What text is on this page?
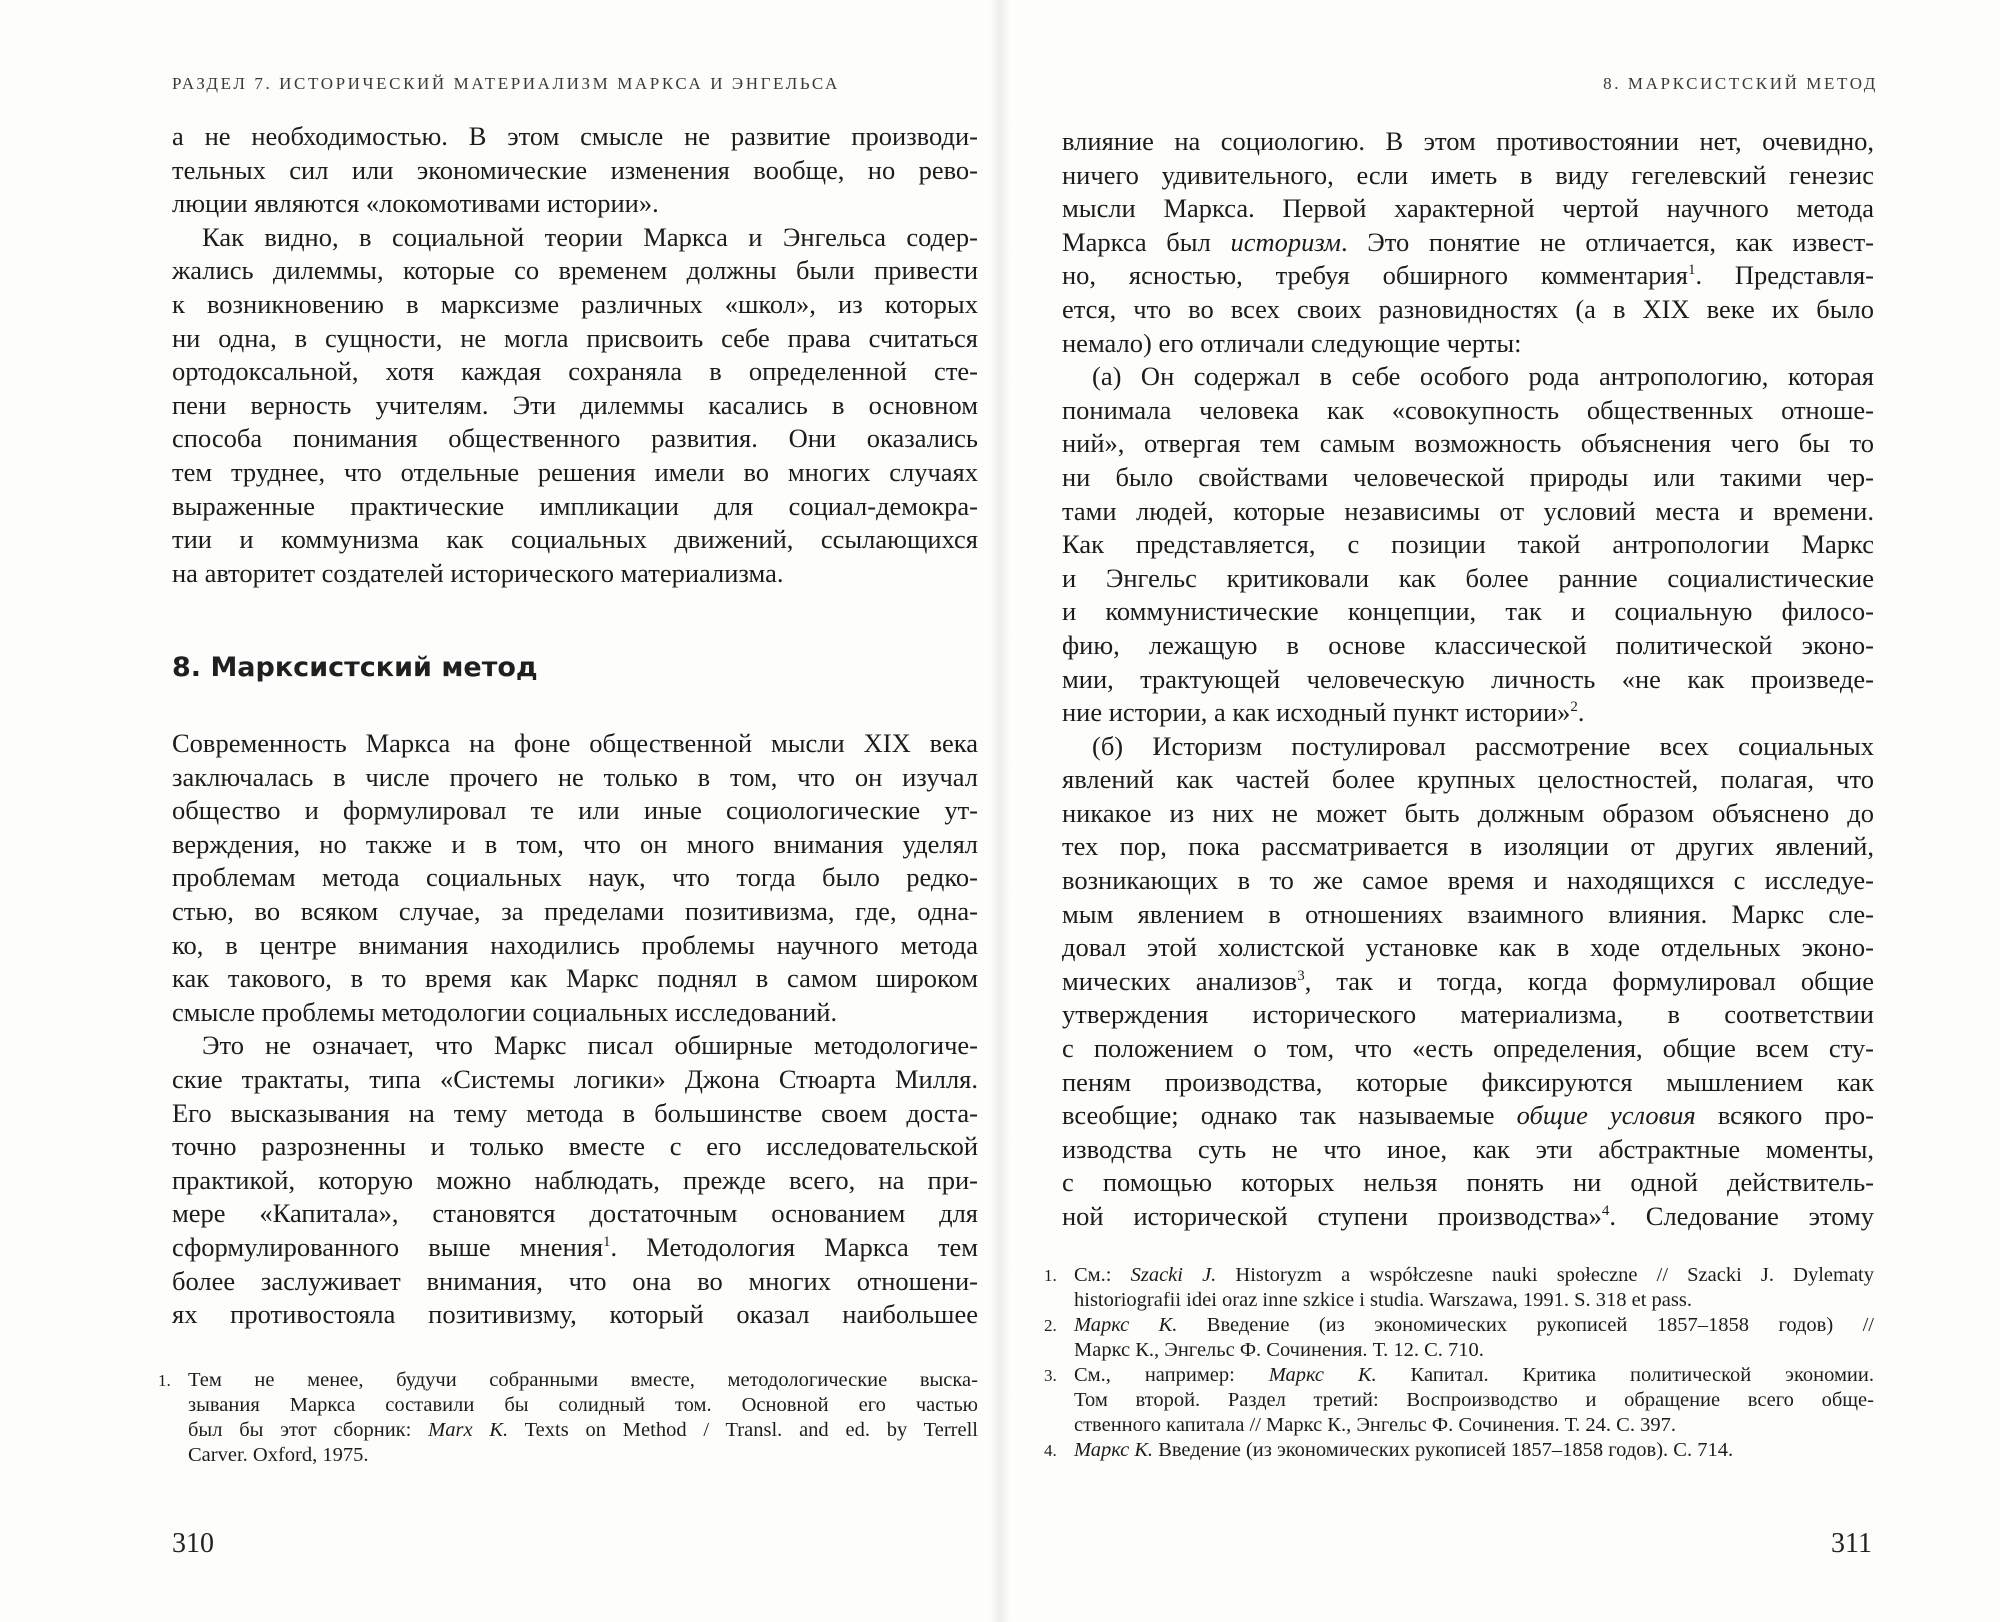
РАЗДЕЛ 7. ИСТОРИЧЕСКИЙ МАТЕРИАЛИЗМ МАРКСА И ЭНГЕЛЬСА
а не необходимостью. В этом смысле не развитие производи-
тельных сил или экономические изменения вообще, но рево-
люции являются «локомотивами истории».
Как видно, в социальной теории Маркса и Энгельса содер-
жались дилеммы, которые со временем должны были привести
к возникновению в марксизме различных «школ», из которых
ни одна, в сущности, не могла присвоить себе права считаться
ортодоксальной, хотя каждая сохраняла в определенной сте-
пени верность учителям. Эти дилеммы касались в основном
способа понимания общественного развития. Они оказались
тем труднее, что отдельные решения имели во многих случаях
выраженные практические импликации для социал-демокра-
тии и коммунизма как социальных движений, ссылающихся
на авторитет создателей исторического материализма.
8. Марксистский метод
Современность Маркса на фоне общественной мысли XIX века
заключалась в числе прочего не только в том, что он изучал
общество и формулировал те или иные социологические ут-
верждения, но также и в том, что он много внимания уделял
проблемам метода социальных наук, что тогда было редко-
стью, во всяком случае, за пределами позитивизма, где, одна-
ко, в центре внимания находились проблемы научного метода
как такового, в то время как Маркс поднял в самом широком
смысле проблемы методологии социальных исследований.
Это не означает, что Маркс писал обширные методологиче-
ские трактаты, типа «Системы логики» Джона Стюарта Милля.
Его высказывания на тему метода в большинстве своем доста-
точно разрозненны и только вместе с его исследовательской
практикой, которую можно наблюдать, прежде всего, на при-
мере «Капитала», становятся достаточным основанием для
сформулированного выше мнения$^1$. Методология Маркса тем
более заслуживает внимания, что она во многих отношени-
ях противостояла позитивизму, который оказал наибольшее
1. Тем не менее, будучи собранными вместе, методологические выска-
зывания Маркса составили бы солидный том. Основной его частью
был бы этот сборник: Marx K. Texts on Method / Transl. and ed. by Terrell
Carver. Oxford, 1975.
310
8. МАРКСИСТСКИЙ МЕТОД
влияние на социологию. В этом противостоянии нет, очевидно,
ничего удивительного, если иметь в виду гегелевский генезис
мысли Маркса. Первой характерной чертой научного метода
Маркса был историзм. Это понятие не отличается, как извест-
но, ясностью, требуя обширного комментария$^1$. Представля-
ется, что во всех своих разновидностях (а в XIX веке их было
немало) его отличали следующие черты:
(а) Он содержал в себе особого рода антропологию, которая
понимала человека как «совокупность общественных отноше-
ний», отвергая тем самым возможность объяснения чего бы то
ни было свойствами человеческой природы или такими чер-
тами людей, которые независимы от условий места и времени.
Как представляется, с позиции такой антропологии Маркс
и Энгельс критиковали как более ранние социалистические
и коммунистические концепции, так и социальную филосо-
фию, лежащую в основе классической политической эконо-
мии, трактующей человеческую личность «не как произведе-
ние истории, а как исходный пункт истории»$^2$.
(б) Историзм постулировал рассмотрение всех социальных
явлений как частей более крупных целостностей, полагая, что
никакое из них не может быть должным образом объяснено до
тех пор, пока рассматривается в изоляции от других явлений,
возникающих в то же самое время и находящихся с исследуе-
мым явлением в отношениях взаимного влияния. Маркс сле-
довал этой холистской установке как в ходе отдельных эконо-
мических анализов$^3$, так и тогда, когда формулировал общие
утверждения исторического материализма, в соответствии
с положением о том, что «есть определения, общие всем сту-
пеням производства, которые фиксируются мышлением как
всеобщие; однако так называемые общие условия всякого про-
изводства суть не что иное, как эти абстрактные моменты,
с помощью которых нельзя понять ни одной действитель-
ной исторической ступени производства»$^4$. Следование этому
1. См.: Szacki J. Historyzm a współczesne nauki społeczne // Szacki J. Dylematy
historiografii idei oraz inne szkice i studia. Warszawa, 1991. S. 318 et pass.
2. Маркс К. Введение (из экономических рукописей 1857–1858 годов) //
Маркс К., Энгельс Ф. Сочинения. Т. 12. С. 710.
3. См., например: Маркс К. Капитал. Критика политической экономии.
Том второй. Раздел третий: Воспроизводство и обращение всего обще-
ственного капитала // Маркс К., Энгельс Ф. Сочинения. Т. 24. С. 397.
4. Маркс К. Введение (из экономических рукописей 1857–1858 годов). С. 714.
311
